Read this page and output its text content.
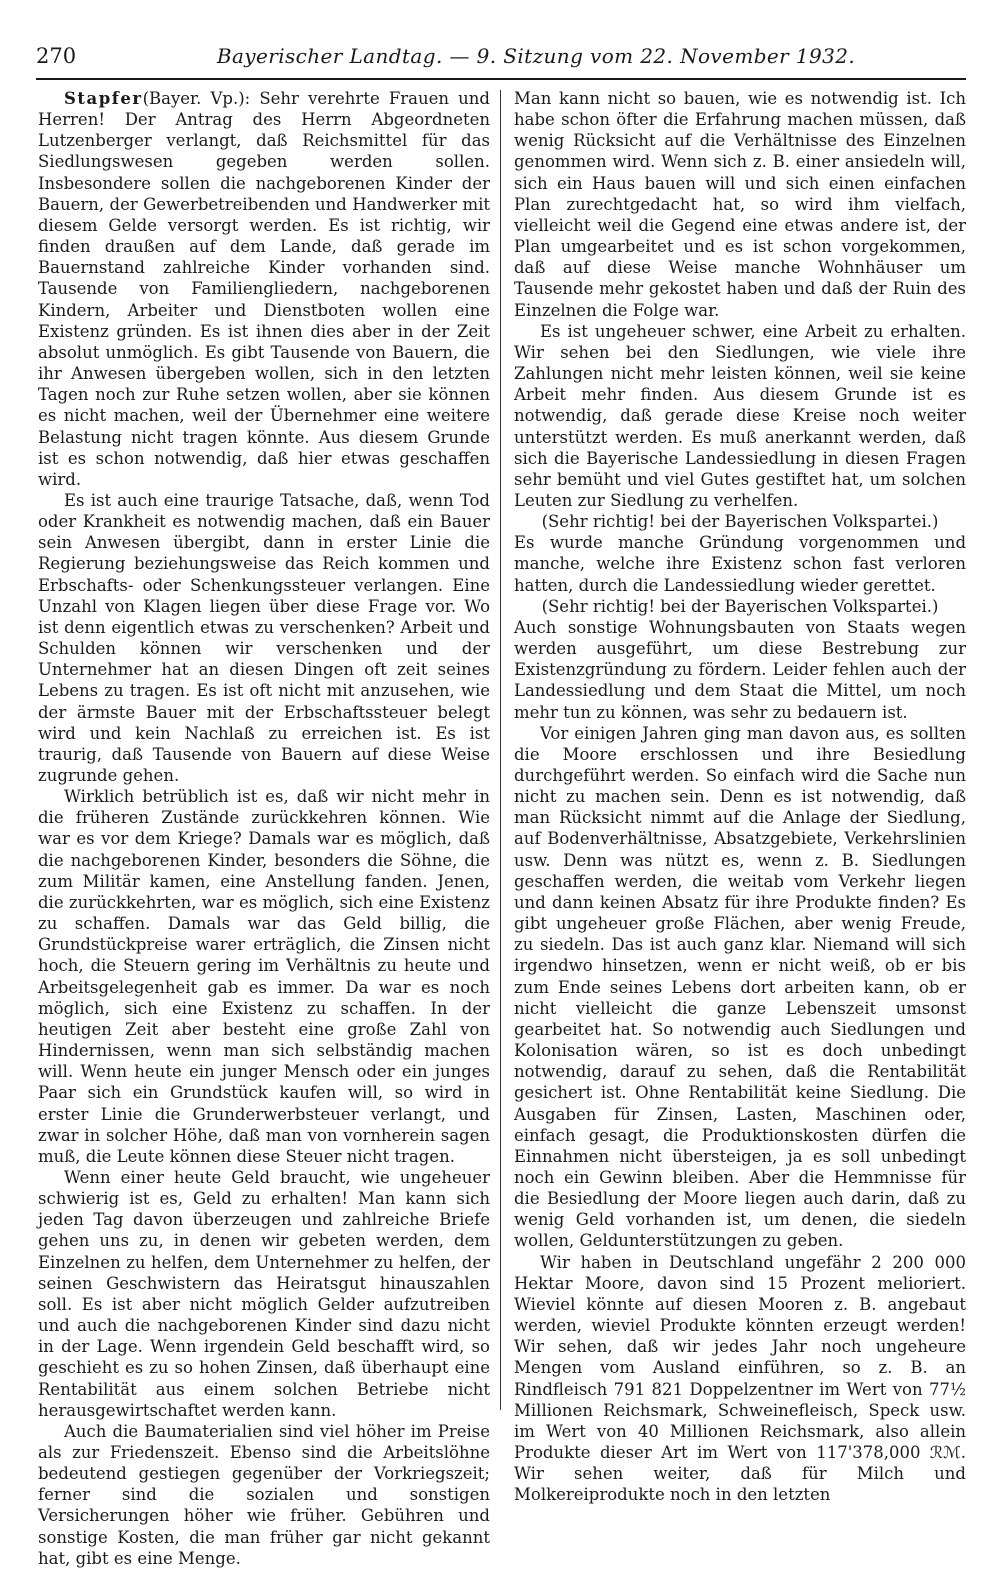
270	Bayerischer Landtag. — 9. Sitzung vom 22. November 1932.

Stapfer(Bayer. Vp.): Sehr verehrte Frauen und Herren! Der Antrag des Herrn Abgeordneten Lutzenberger verlangt, daß Reichsmittel für das Siedlungswesen gegeben werden sollen. Insbesondere sollen die nachgeborenen Kinder der Bauern, der Gewerbetreibenden und Handwerker mit diesem Gelde versorgt werden. Es ist richtig, wir finden draußen auf dem Lande, daß gerade im Bauernstand zahlreiche Kinder vorhanden sind. Tausende von Familiengliedern, nachgeborenen Kindern, Arbeiter und Dienstboten wollen eine Existenz gründen. Es ist ihnen dies aber in der Zeit absolut unmöglich. Es gibt Tausende von Bauern, die ihr Anwesen übergeben wollen, sich in den letzten Tagen noch zur Ruhe setzen wollen, aber sie können es nicht machen, weil der Übernehmer eine weitere Belastung nicht tragen könnte. Aus diesem Grunde ist es schon notwendig, daß hier etwas geschaffen wird.

Es ist auch eine traurige Tatsache, daß, wenn Tod oder Krankheit es notwendig machen, daß ein Bauer sein Anwesen übergibt, dann in erster Linie die Regierung beziehungsweise das Reich kommen und Erbschafts- oder Schenkungssteuer verlangen. Eine Unzahl von Klagen liegen über diese Frage vor. Wo ist denn eigentlich etwas zu verschenken? Arbeit und Schulden können wir verschenken und der Unternehmer hat an diesen Dingen oft zeit seines Lebens zu tragen. Es ist oft nicht mit anzusehen, wie der ärmste Bauer mit der Erbschaftssteuer belegt wird und kein Nachlaß zu erreichen ist. Es ist traurig, daß Tausende von Bauern auf diese Weise zugrunde gehen.

Wirklich betrüblich ist es, daß wir nicht mehr in die früheren Zustände zurückkehren können. Wie war es vor dem Kriege? Damals war es möglich, daß die nachgeborenen Kinder, besonders die Söhne, die zum Militär kamen, eine Anstellung fanden. Jenen, die zurückkehrten, war es möglich, sich eine Existenz zu schaffen. Damals war das Geld billig, die Grundstückpreise warer erträglich, die Zinsen nicht hoch, die Steuern gering im Verhältnis zu heute und Arbeitsgelegenheit gab es immer. Da war es noch möglich, sich eine Existenz zu schaffen. In der heutigen Zeit aber besteht eine große Zahl von Hindernissen, wenn man sich selbständig machen will. Wenn heute ein junger Mensch oder ein junges Paar sich ein Grundstück kaufen will, so wird in erster Linie die Grunderwerbsteuer verlangt, und zwar in solcher Höhe, daß man von vornherein sagen muß, die Leute können diese Steuer nicht tragen.

Wenn einer heute Geld braucht, wie ungeheuer schwierig ist es, Geld zu erhalten! Man kann sich jeden Tag davon überzeugen und zahlreiche Briefe gehen uns zu, in denen wir gebeten werden, dem Einzelnen zu helfen, dem Unternehmer zu helfen, der seinen Geschwistern das Heiratsgut hinauszahlen soll. Es ist aber nicht möglich Gelder aufzutreiben und auch die nachgeborenen Kinder sind dazu nicht in der Lage. Wenn irgendein Geld beschafft wird, so geschieht es zu so hohen Zinsen, daß überhaupt eine Rentabilität aus einem solchen Betriebe nicht herausgewirtschaftet werden kann.

Auch die Baumaterialien sind viel höher im Preise als zur Friedenszeit. Ebenso sind die Arbeitslöhne bedeutend gestiegen gegenüber der Vorkriegszeit; ferner sind die sozialen und sonstigen Versicherungen höher wie früher. Gebühren und sonstige Kosten, die man früher gar nicht gekannt hat, gibt es eine Menge.

Man kann nicht so bauen, wie es notwendig ist. Ich habe schon öfter die Erfahrung machen müssen, daß wenig Rücksicht auf die Verhältnisse des Einzelnen genommen wird. Wenn sich z. B. einer ansiedeln will, sich ein Haus bauen will und sich einen einfachen Plan zurechtgedacht hat, so wird ihm vielfach, vielleicht weil die Gegend eine etwas andere ist, der Plan umgearbeitet und es ist schon vorgekommen, daß auf diese Weise manche Wohnhäuser um Tausende mehr gekostet haben und daß der Ruin des Einzelnen die Folge war.

Es ist ungeheuer schwer, eine Arbeit zu erhalten. Wir sehen bei den Siedlungen, wie viele ihre Zahlungen nicht mehr leisten können, weil sie keine Arbeit mehr finden. Aus diesem Grunde ist es notwendig, daß gerade diese Kreise noch weiter unterstützt werden. Es muß anerkannt werden, daß sich die Bayerische Landessiedlung in diesen Fragen sehr bemüht und viel Gutes gestiftet hat, um solchen Leuten zur Siedlung zu verhelfen.

(Sehr richtig! bei der Bayerischen Volkspartei.)

Es wurde manche Gründung vorgenommen und manche, welche ihre Existenz schon fast verloren hatten, durch die Landessiedlung wieder gerettet.

(Sehr richtig! bei der Bayerischen Volkspartei.)

Auch sonstige Wohnungsbauten von Staats wegen werden ausgeführt, um diese Bestrebung zur Existenzgründung zu fördern. Leider fehlen auch der Landessiedlung und dem Staat die Mittel, um noch mehr tun zu können, was sehr zu bedauern ist.

Vor einigen Jahren ging man davon aus, es sollten die Moore erschlossen und ihre Besiedlung durchgeführt werden. So einfach wird die Sache nun nicht zu machen sein. Denn es ist notwendig, daß man Rücksicht nimmt auf die Anlage der Siedlung, auf Bodenverhältnisse, Absatzgebiete, Verkehrslinien usw. Denn was nützt es, wenn z. B. Siedlungen geschaffen werden, die weitab vom Verkehr liegen und dann keinen Absatz für ihre Produkte finden? Es gibt ungeheuer große Flächen, aber wenig Freude, zu siedeln. Das ist auch ganz klar. Niemand will sich irgendwo hinsetzen, wenn er nicht weiß, ob er bis zum Ende seines Lebens dort arbeiten kann, ob er nicht vielleicht die ganze Lebenszeit umsonst gearbeitet hat. So notwendig auch Siedlungen und Kolonisation wären, so ist es doch unbedingt notwendig, darauf zu sehen, daß die Rentabilität gesichert ist. Ohne Rentabilität keine Siedlung. Die Ausgaben für Zinsen, Lasten, Maschinen oder, einfach gesagt, die Produktionskosten dürfen die Einnahmen nicht übersteigen, ja es soll unbedingt noch ein Gewinn bleiben. Aber die Hemmnisse für die Besiedlung der Moore liegen auch darin, daß zu wenig Geld vorhanden ist, um denen, die siedeln wollen, Geldunterstützungen zu geben.

Wir haben in Deutschland ungefähr 2 200 000 Hektar Moore, davon sind 15 Prozent melioriert. Wieviel könnte auf diesen Mooren z. B. angebaut werden, wieviel Produkte könnten erzeugt werden! Wir sehen, daß wir jedes Jahr noch ungeheure Mengen vom Ausland einführen, so z. B. an Rindfleisch 791 821 Doppelzentner im Wert von 77½ Millionen Reichsmark, Schweinefleisch, Speck usw. im Wert von 40 Millionen Reichsmark, also allein Produkte dieser Art im Wert von 117'378,000 ℛℳ. Wir sehen weiter, daß für Milch und Molkereiprodukte noch in den letzten
